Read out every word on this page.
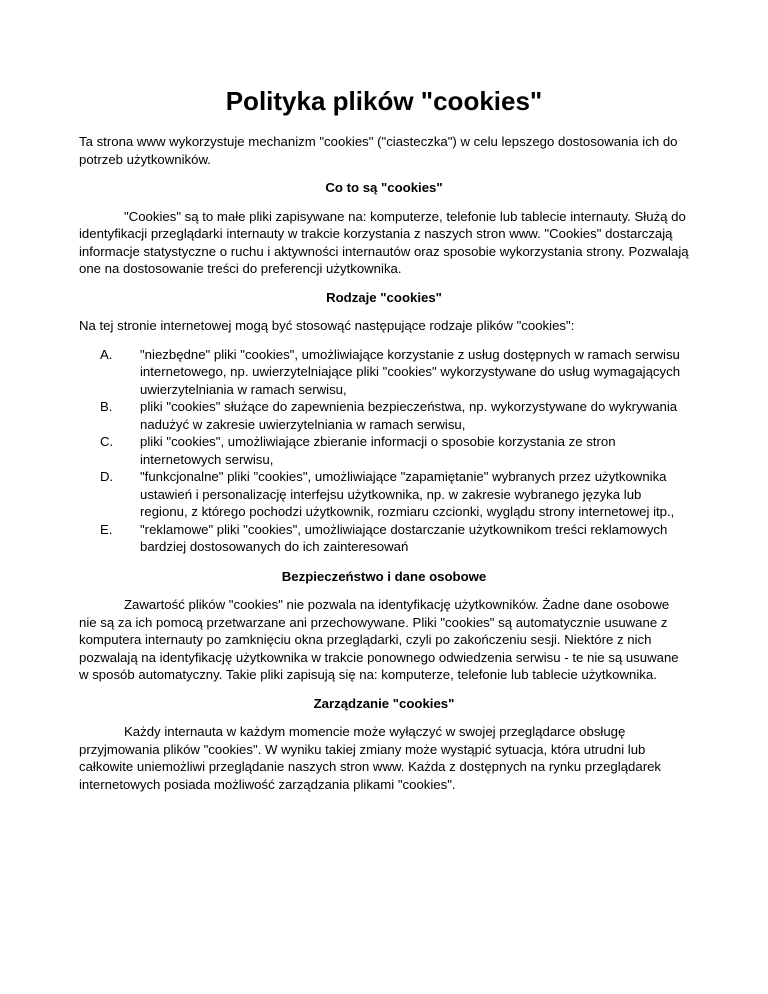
Polityka plików "cookies"

Ta strona www wykorzystuje mechanizm "cookies" ("ciasteczka") w celu lepszego dostosowania ich do potrzeb użytkowników.

Co to są "cookies"

"Cookies" są to małe pliki zapisywane na: komputerze, telefonie lub tablecie internauty. Służą do identyfikacji przeglądarki internauty w trakcie korzystania z naszych stron www. "Cookies" dostarczają informacje statystyczne o ruchu i aktywności internautów oraz sposobie wykorzystania strony. Pozwalają one na dostosowanie treści do preferencji użytkownika.

Rodzaje "cookies"

Na tej stronie internetowej mogą być stosowąć następujące rodzaje plików "cookies":

A. "niezbędne" pliki "cookies", umożliwiające korzystanie z usług dostępnych w ramach serwisu internetowego, np. uwierzytelniające pliki "cookies" wykorzystywane do usług wymagających uwierzytelniania w ramach serwisu,
B. pliki "cookies" służące do zapewnienia bezpieczeństwa, np. wykorzystywane do wykrywania nadużyć w zakresie uwierzytelniania w ramach serwisu,
C. pliki "cookies", umożliwiające zbieranie informacji o sposobie korzystania ze stron internetowych serwisu,
D. "funkcjonalne" pliki "cookies", umożliwiające "zapamiętanie" wybranych przez użytkownika ustawień i personalizację interfejsu użytkownika, np. w zakresie wybranego języka lub regionu, z którego pochodzi użytkownik, rozmiaru czcionki, wyglądu strony internetowej itp.,
E. "reklamowe" pliki "cookies", umożliwiające dostarczanie użytkownikom treści reklamowych bardziej dostosowanych do ich zainteresowań
Bezpieczeństwo i dane osobowe

Zawartość plików "cookies" nie pozwala na identyfikację użytkowników. Żadne dane osobowe nie są za ich pomocą przetwarzane ani przechowywane. Pliki "cookies" są automatycznie usuwane z komputera internauty po zamknięciu okna przeglądarki, czyli po zakończeniu sesji. Niektóre z nich pozwalają na identyfikację użytkownika w trakcie ponownego odwiedzenia serwisu - te nie są usuwane w sposób automatyczny. Takie pliki zapisują się na: komputerze, telefonie lub tablecie użytkownika.

Zarządzanie "cookies"

Każdy internauta w każdym momencie może wyłączyć w swojej przeglądarce obsługę przyjmowania plików "cookies". W wyniku takiej zmiany może wystąpić sytuacja, która utrudni lub całkowite uniemożliwi przeglądanie naszych stron www. Każda z dostępnych na rynku przeglądarek internetowych posiada możliwość zarządzania plikami "cookies".
